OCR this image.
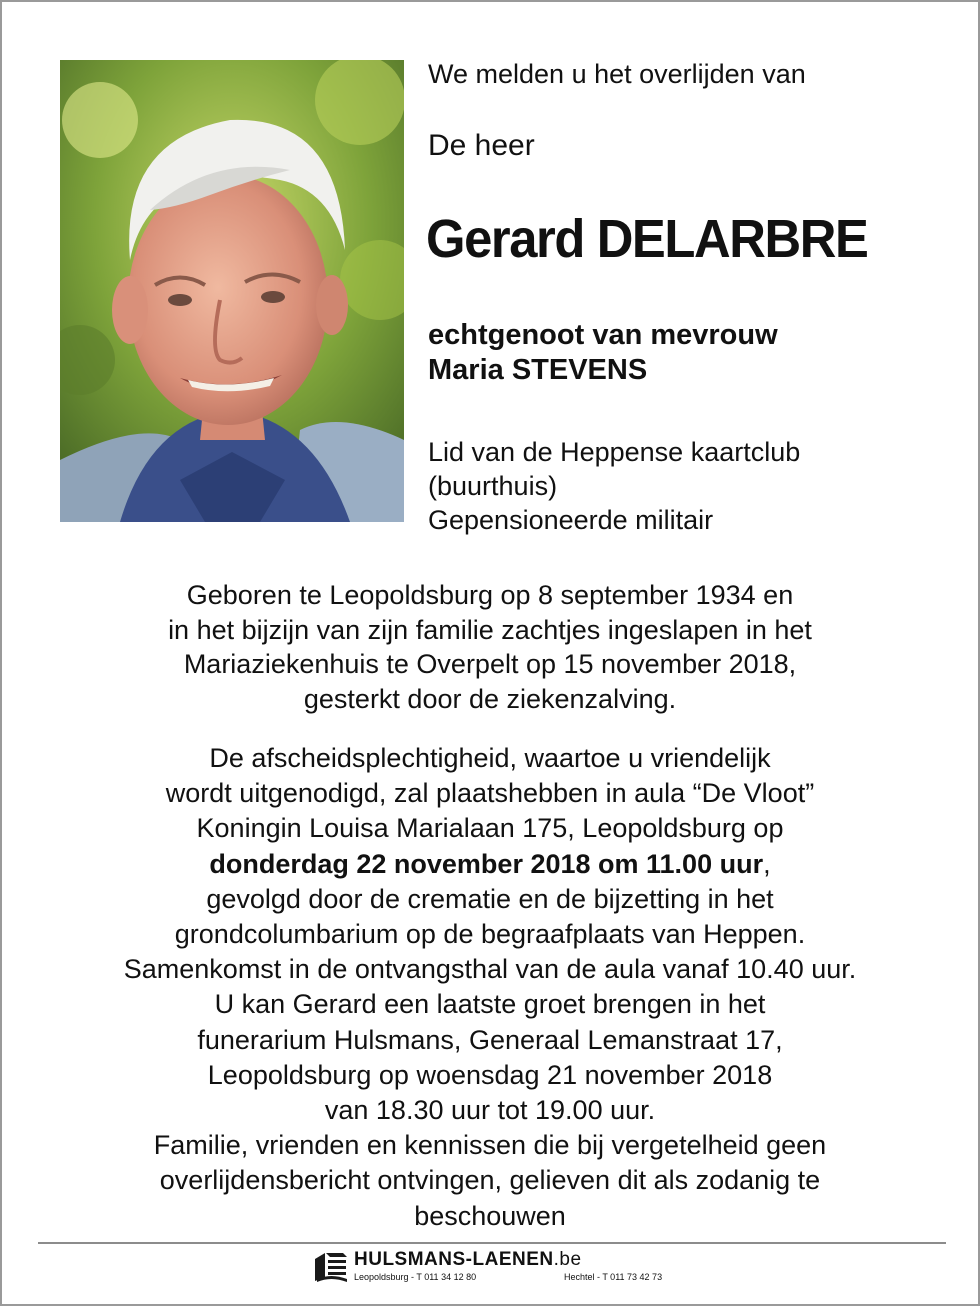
We melden u het overlijden van
De heer
Gerard DELARBRE
echtgenoot van mevrouw
Maria STEVENS
Lid van de Heppense kaartclub
(buurthuis)
Gepensioneerde militair
Geboren te Leopoldsburg op 8 september 1934 en
in het bijzijn van zijn familie zachtjes ingeslapen in het
Mariaziekenhuis te Overpelt op 15 november 2018,
gesterkt door de ziekenzalving.
De afscheidsplechtigheid, waartoe u vriendelijk
wordt uitgenodigd, zal plaatshebben in aula “De Vloot”
Koningin Louisa Marialaan 175, Leopoldsburg op
donderdag 22 november 2018 om 11.00 uur,
gevolgd door de crematie en de bijzetting in het
grondcolumbarium op de begraafplaats van Heppen.
Samenkomst in de ontvangsthal van de aula vanaf 10.40 uur.
U kan Gerard een laatste groet brengen in het
funerarium Hulsmans, Generaal Lemanstraat 17,
Leopoldsburg op woensdag 21 november 2018
van 18.30 uur tot 19.00 uur.
Familie, vrienden en kennissen die bij vergetelheid geen
overlijdensbericht ontvingen, gelieven dit als zodanig te
beschouwen
HULSMANS-LAENEN.be
Leopoldsburg - T 011 34 12 80	Hechtel - T 011 73 42 73
